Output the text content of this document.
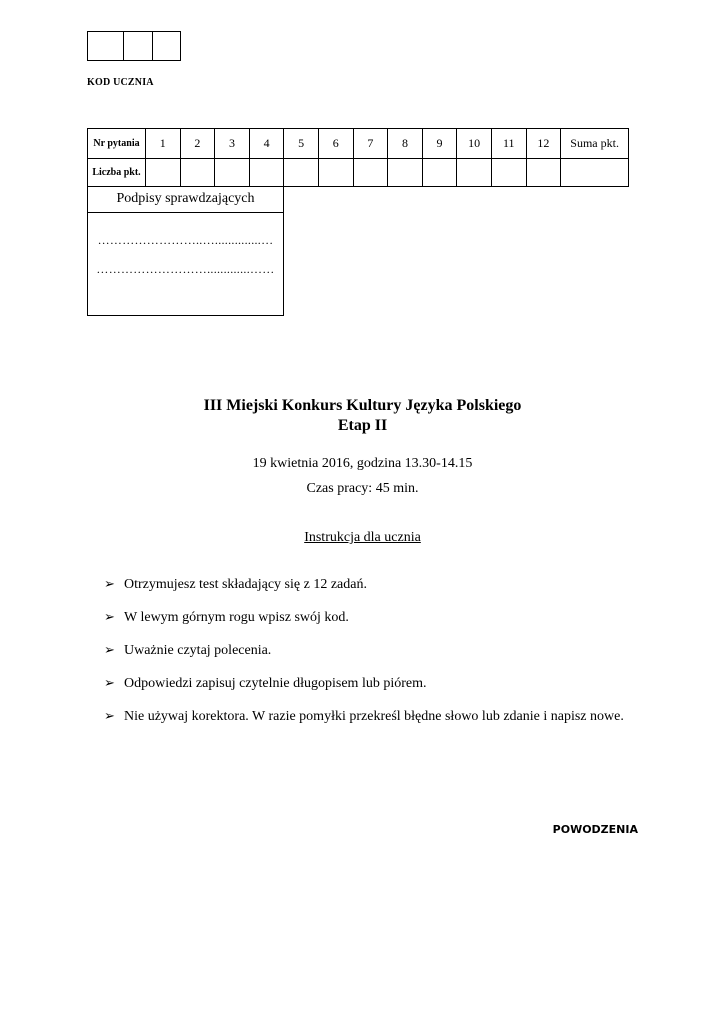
KOD UCZNIA
Nr pytania	1	2	3	4	5	6	7	8	9	10	11	12	Suma pkt.
Liczba pkt.													
Podpisy sprawdzających
……………………..…..............…
……………………….............……
III Miejski Konkurs Kultury Języka Polskiego
Etap II
19 kwietnia 2016, godzina 13.30-14.15
Czas pracy: 45 min.
Instrukcja dla ucznia
➢ Otrzymujesz test składający się z 12 zadań.
➢ W lewym górnym rogu wpisz swój kod.
➢ Uważnie czytaj polecenia.
➢ Odpowiedzi zapisuj czytelnie długopisem lub piórem.
➢ Nie używaj korektora. W razie pomyłki przekreśl błędne słowo lub zdanie i napisz nowe.
POWODZENIA
